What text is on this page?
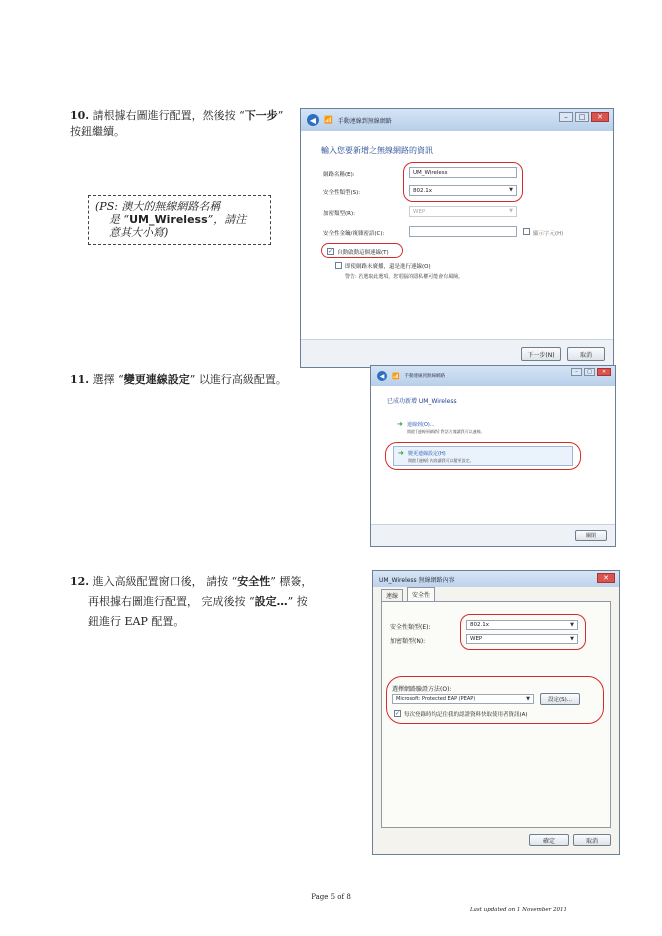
10. 請根據右圖進行配置，然後按 “下一步” 按鈕繼續。
(PS: 澳大的無線網路名稱
是 “UM_Wireless”，請注
意其大小寫)
◀	📶 手動連線到無線網路	–	□	✕
輸入您要新增之無線網路的資訊
網路名稱(E):	UM_Wireless
安全性類型(S):	802.1x	▼
加密類型(R):	WEP	▼
安全性金鑰/複雜密語(C):	顯示字元(H)
✓ 自動啟動這個連線(T)
即使網路未廣播，還是進行連線(O)
警告: 若選取此選項，您電腦的隱私權可能會有風險。
下一步(N)	取消
11. 選擇 “變更連線設定” 以進行高級配置。	◀	📶 手動連線到無線網路
–	□	✕
已成功新增 UM_Wireless
➜ 連線到(O)...
開啟 [連線到網路] 對話方塊讓我可以連線。
➜ 變更連線設定(H)
開啟 [連線] 內容讓我可以變更設定。
關閉
12. 進入高級配置窗口後， 請按 “安全性” 標簽，
再根據右圖進行配置， 完成後按 “設定…” 按
鈕進行 EAP 配置。
UM_Wireless 無線網路內容	✕
連線	安全性
安全性類型(E):	802.1x	▼
加密類型(N):	WEP	▼
選擇網路驗證方法(O):
Microsoft: Protected EAP (PEAP)	▼	設定(S)...
✓ 每次登錄時均記住我的認證資料快取使用者資訊(A)
確定	取消
Page 5 of 8
Last updated on 1 November 2011
